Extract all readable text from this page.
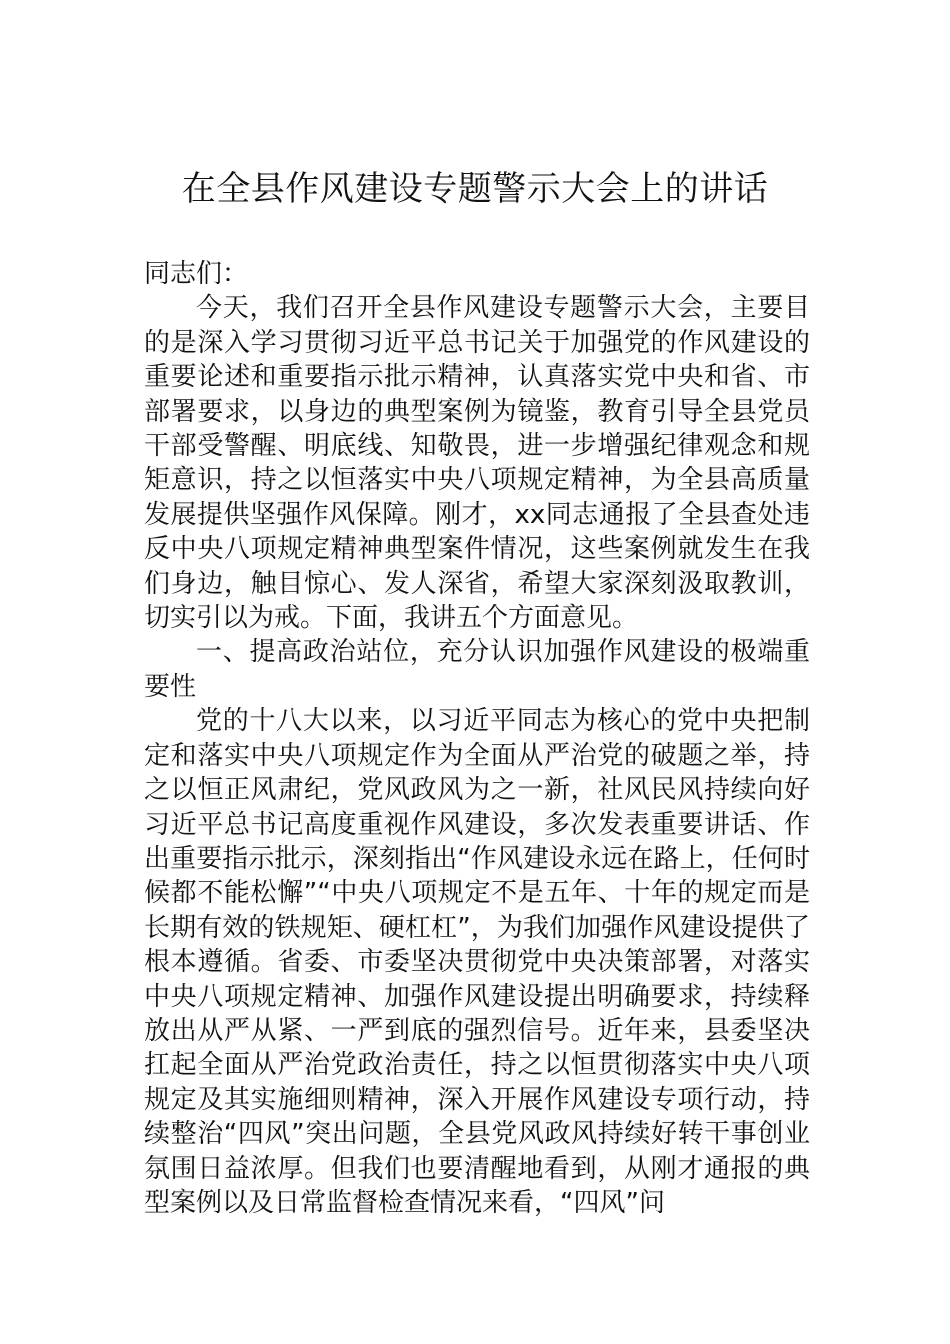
在全县作风建设专题警示大会上的讲话

同志们：

今天，我们召开全县作风建设专题警示大会，主要目的是深入学习贯彻习近平总书记关于加强党的作风建设的重要论述和重要指示批示精神，认真落实党中央和省、市部署要求，以身边的典型案例为镜鉴，教育引导全县党员干部受警醒、明底线、知敬畏，进一步增强纪律观念和规矩意识，持之以恒落实中央八项规定精神，为全县高质量发展提供坚强作风保障。刚才，xx同志通报了全县查处违反中央八项规定精神典型案件情况，这些案例就发生在我们身边，触目惊心、发人深省，希望大家深刻汲取教训，切实引以为戒。下面，我讲五个方面意见。

一、提高政治站位，充分认识加强作风建设的极端重要性

党的十八大以来，以习近平同志为核心的党中央把制定和落实中央八项规定作为全面从严治党的破题之举，持之以恒正风肃纪，党风政风为之一新，社风民风持续向好习近平总书记高度重视作风建设，多次发表重要讲话、作出重要指示批示，深刻指出“作风建设永远在路上，任何时候都不能松懈”“中央八项规定不是五年、十年的规定而是长期有效的铁规矩、硬杠杠”，为我们加强作风建设提供了根本遵循。省委、市委坚决贯彻党中央决策部署，对落实中央八项规定精神、加强作风建设提出明确要求，持续释放出从严从紧、一严到底的强烈信号。近年来，县委坚决扛起全面从严治党政治责任，持之以恒贯彻落实中央八项规定及其实施细则精神，深入开展作风建设专项行动，持续整治“四风”突出问题，全县党风政风持续好转干事创业氛围日益浓厚。但我们也要清醒地看到，从刚才通报的典型案例以及日常监督检查情况来看，“四风”问
